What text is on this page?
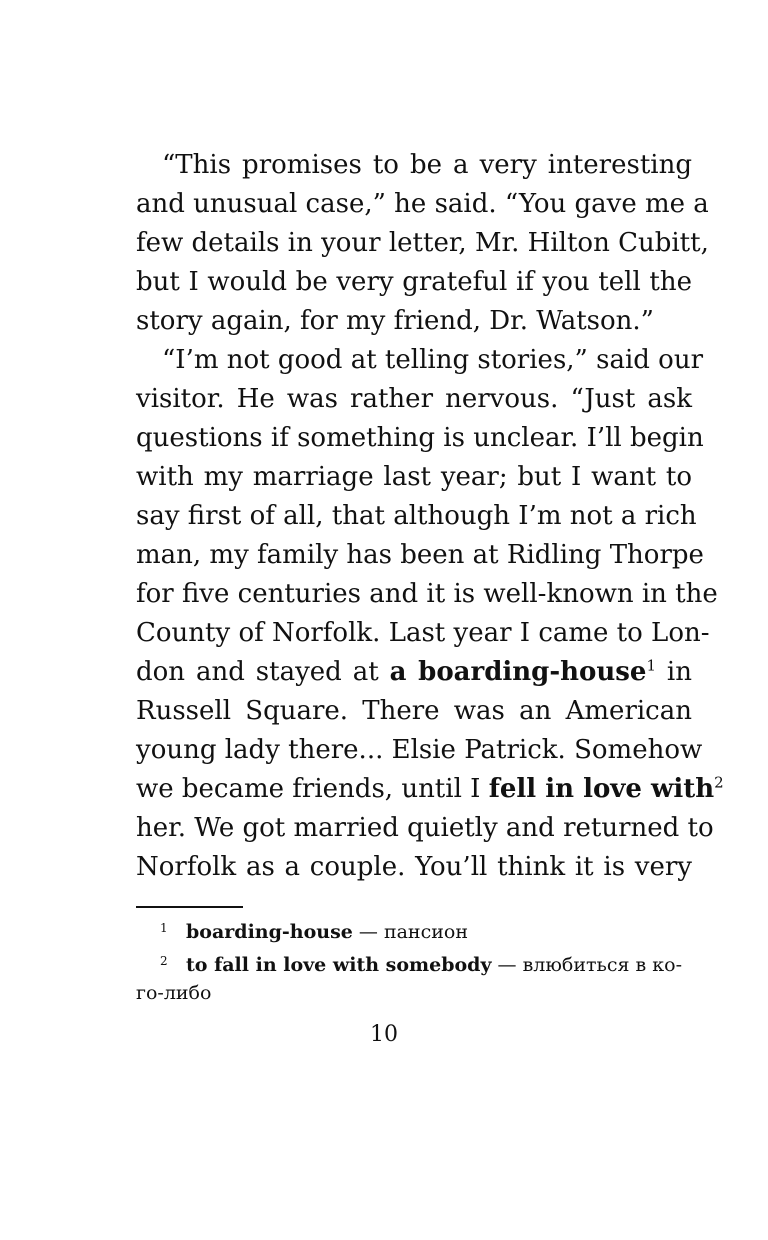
“This promises to be a very interesting
and unusual case,” he said. “You gave me a
few details in your letter, Mr. Hilton Cubitt,
but I would be very grateful if you tell the
story again, for my friend, Dr. Watson.”
“I’m not good at telling stories,” said our
visitor. He was rather nervous. “Just ask
questions if something is unclear. I’ll begin
with my marriage last year; but I want to
say first of all, that although I’m not a rich
man, my family has been at Ridling Thorpe
for five centuries and it is well-known in the
County of Norfolk. Last year I came to Lon-
don and stayed at a boarding-house$^1$ in
Russell Square. There was an American
young lady there... Elsie Patrick. Somehow
we became friends, until I fell in love with$^2$
her. We got married quietly and returned to
Norfolk as a couple. You’ll think it is very
1 boarding-house — пансион
2 to fall in love with somebody — влюбиться в ко-
го-либо
10
